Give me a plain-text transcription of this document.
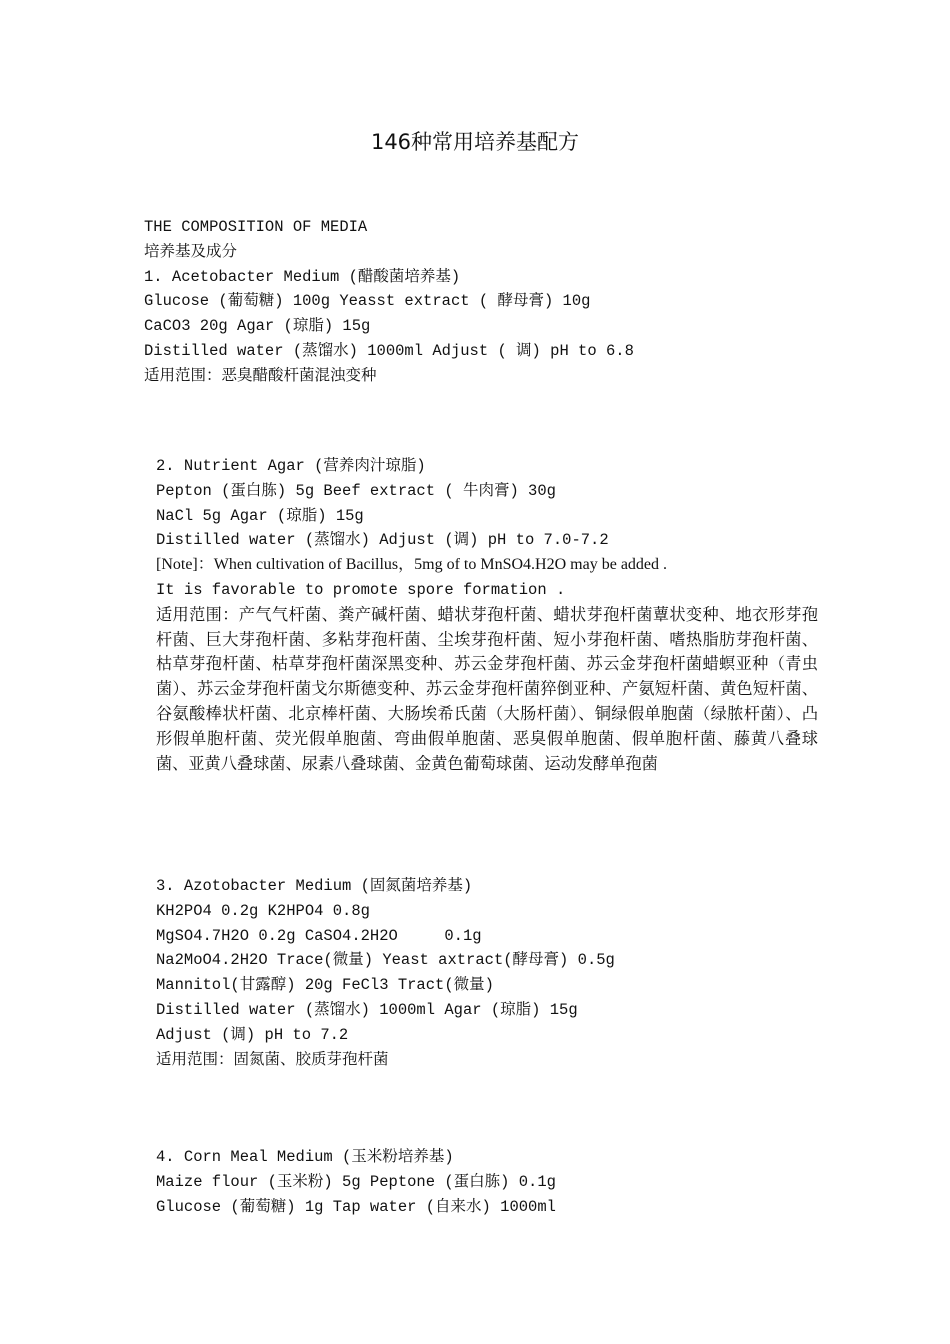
146种常用培养基配方
THE COMPOSITION OF MEDIA
培养基及成分
1. Acetobacter Medium (醋酸菌培养基)
Glucose (葡萄糖) 100g Yeasst extract ( 酵母膏) 10g
CaCO3 20g Agar (琼脂) 15g
Distilled water (蒸馏水) 1000ml Adjust ( 调) pH to 6.8
适用范围：恶臭醋酸杆菌混浊变种
2. Nutrient Agar (营养肉汁琼脂)
Pepton (蛋白胨) 5g Beef extract ( 牛肉膏) 30g
NaCl 5g Agar (琼脂) 15g
Distilled water (蒸馏水) Adjust (调) pH to 7.0-7.2
[Note]：When cultivation of Bacillus，5mg of to MnSO4.H2O may be added .
It is favorable to promote spore formation .
适用范围：产气气杆菌、粪产碱杆菌、蜡状芽孢杆菌、蜡状芽孢杆菌蕈状变种、地衣形芽孢杆菌、巨大芽孢杆菌、多粘芽孢杆菌、尘埃芽孢杆菌、短小芽孢杆菌、嗜热脂肪芽孢杆菌、枯草芽孢杆菌、枯草芽孢杆菌深黑变种、苏云金芽孢杆菌、苏云金芽孢杆菌蜡螟亚种（青虫菌）、苏云金芽孢杆菌戈尔斯德变种、苏云金芽孢杆菌猝倒亚种、产氨短杆菌、黄色短杆菌、谷氨酸棒状杆菌、北京棒杆菌、大肠埃希氏菌（大肠杆菌）、铜绿假单胞菌（绿脓杆菌）、凸形假单胞杆菌、荧光假单胞菌、弯曲假单胞菌、恶臭假单胞菌、假单胞杆菌、藤黄八叠球菌、亚黄八叠球菌、尿素八叠球菌、金黄色葡萄球菌、运动发酵单孢菌
3. Azotobacter Medium (固氮菌培养基)
KH2PO4 0.2g K2HPO4 0.8g
MgSO4.7H2O 0.2g CaSO4.2H2O     0.1g
Na2MoO4.2H2O Trace(微量) Yeast axtract(酵母膏) 0.5g
Mannitol(甘露醇) 20g FeCl3 Tract(微量)
Distilled water (蒸馏水) 1000ml Agar (琼脂) 15g
Adjust (调) pH to 7.2
适用范围：固氮菌、胶质芽孢杆菌
4. Corn Meal Medium (玉米粉培养基)
Maize flour (玉米粉) 5g Peptone (蛋白胨) 0.1g
Glucose (葡萄糖) 1g Tap water (自来水) 1000ml
